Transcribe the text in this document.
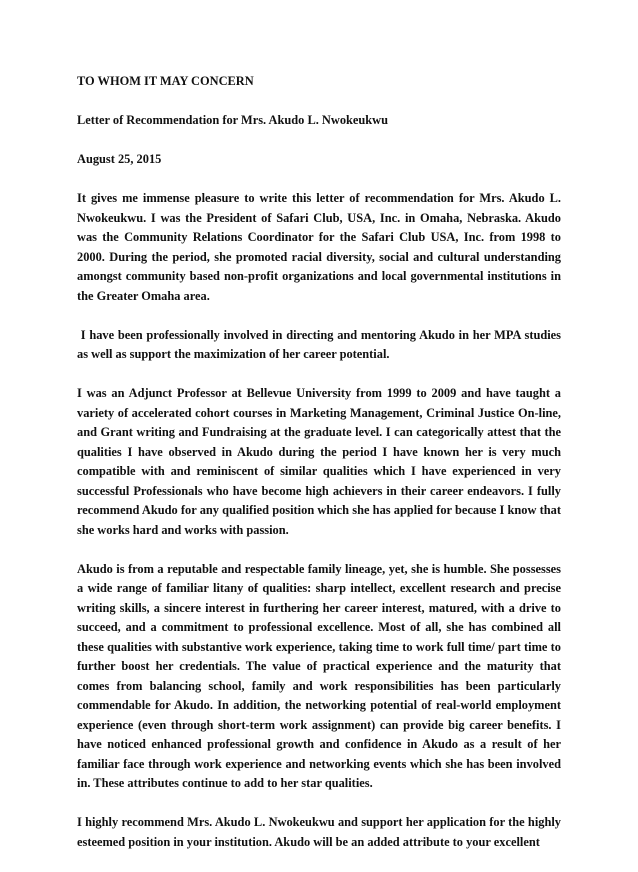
TO WHOM IT MAY CONCERN

Letter of Recommendation for Mrs. Akudo L. Nwokeukwu

August 25, 2015

It gives me immense pleasure to write this letter of recommendation for Mrs. Akudo L. Nwokeukwu. I was the President of Safari Club, USA, Inc. in Omaha, Nebraska. Akudo was the Community Relations Coordinator for the Safari Club USA, Inc. from 1998 to 2000. During the period, she promoted racial diversity, social and cultural understanding amongst community based non-profit organizations and local governmental institutions in the Greater Omaha area.

I have been professionally involved in directing and mentoring Akudo in her MPA studies as well as support the maximization of her career potential.

I was an Adjunct Professor at Bellevue University from 1999 to 2009 and have taught a variety of accelerated cohort courses in Marketing Management, Criminal Justice On-line, and Grant writing and Fundraising at the graduate level. I can categorically attest that the qualities I have observed in Akudo during the period I have known her is very much compatible with and reminiscent of similar qualities which I have experienced in very successful Professionals who have become high achievers in their career endeavors. I fully recommend Akudo for any qualified position which she has applied for because I know that she works hard and works with passion.

Akudo is from a reputable and respectable family lineage, yet, she is humble. She possesses a wide range of familiar litany of qualities: sharp intellect, excellent research and precise writing skills, a sincere interest in furthering her career interest, matured, with a drive to succeed, and a commitment to professional excellence. Most of all, she has combined all these qualities with substantive work experience, taking time to work full time/ part time to further boost her credentials. The value of practical experience and the maturity that comes from balancing school, family and work responsibilities has been particularly commendable for Akudo. In addition, the networking potential of real-world employment experience (even through short-term work assignment) can provide big career benefits. I have noticed enhanced professional growth and confidence in Akudo as a result of her familiar face through work experience and networking events which she has been involved in. These attributes continue to add to her star qualities.

I highly recommend Mrs. Akudo L. Nwokeukwu and support her application for the highly esteemed position in your institution. Akudo will be an added attribute to your excellent
